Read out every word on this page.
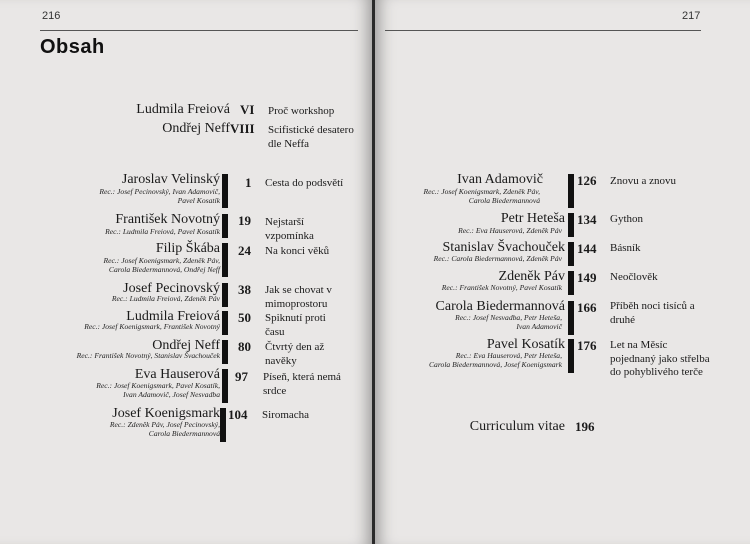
216
Obsah
Ludmila Freiová VI Proč workshop
Ondřej Neff VIII Scifistické desatero dle Neffa
Jaroslav Velinský
Rec.: Josef Pecinovský, Ivan Adamovič,
Pavel Kosatík
1 Cesta do podsvětí
František Novotný
Rec.: Ludmila Freiová, Pavel Kosatík
19 Nejstarší vzpomínka
Filip Škába
Rec.: Josef Koenigsmark, Zdeněk Páv,
Carola Biedermannová, Ondřej Neff
24 Na konci věků
Josef Pecinovský
Rec.: Ludmila Freiová, Zdeněk Páv
38 Jak se chovat v mimoprostoru
Ludmila Freiová
Rec.: Josef Koenigsmark, František Novotný
50 Spiknutí proti času
Ondřej Neff
Rec.: František Novotný, Stanislav Švachouček
80 Čtvrtý den až navěky
Eva Hauserová
Rec.: Josef Koenigsmark, Pavel Kosatík,
Ivan Adamovič, Josef Nesvadba
97 Píseň, která nemá srdce
Josef Koenigsmark
Rec.: Zdeněk Páv, Josef Pecinovský,
Carola Biedermannová
104 Siromacha
217
Ivan Adamovič
Rec.: Josef Koenigsmark, Zdeněk Páv,
Carola Biedermannová
126 Znovu a znovu
Petr Heteša
Rec.: Eva Hauserová, Zdeněk Páv
134 Gython
Stanislav Švachouček
Rec.: Carola Biedermannová, Zdeněk Páv
144 Básník
Zdeněk Páv
Rec.: František Novotný, Pavel Kosatík
149 Neočlověk
Carola Biedermannová
Rec.: Josef Nesvadba, Petr Heteša,
Ivan Adamovič
166 Příběh noci tisíců a druhé
Pavel Kosatík
Rec.: Eva Hauserová, Petr Heteša,
Carola Biedermannová, Josef Koenigsmark
176 Let na Měsíc pojednaný jako střelba do pohyblivého terče
Curriculum vitae 196
